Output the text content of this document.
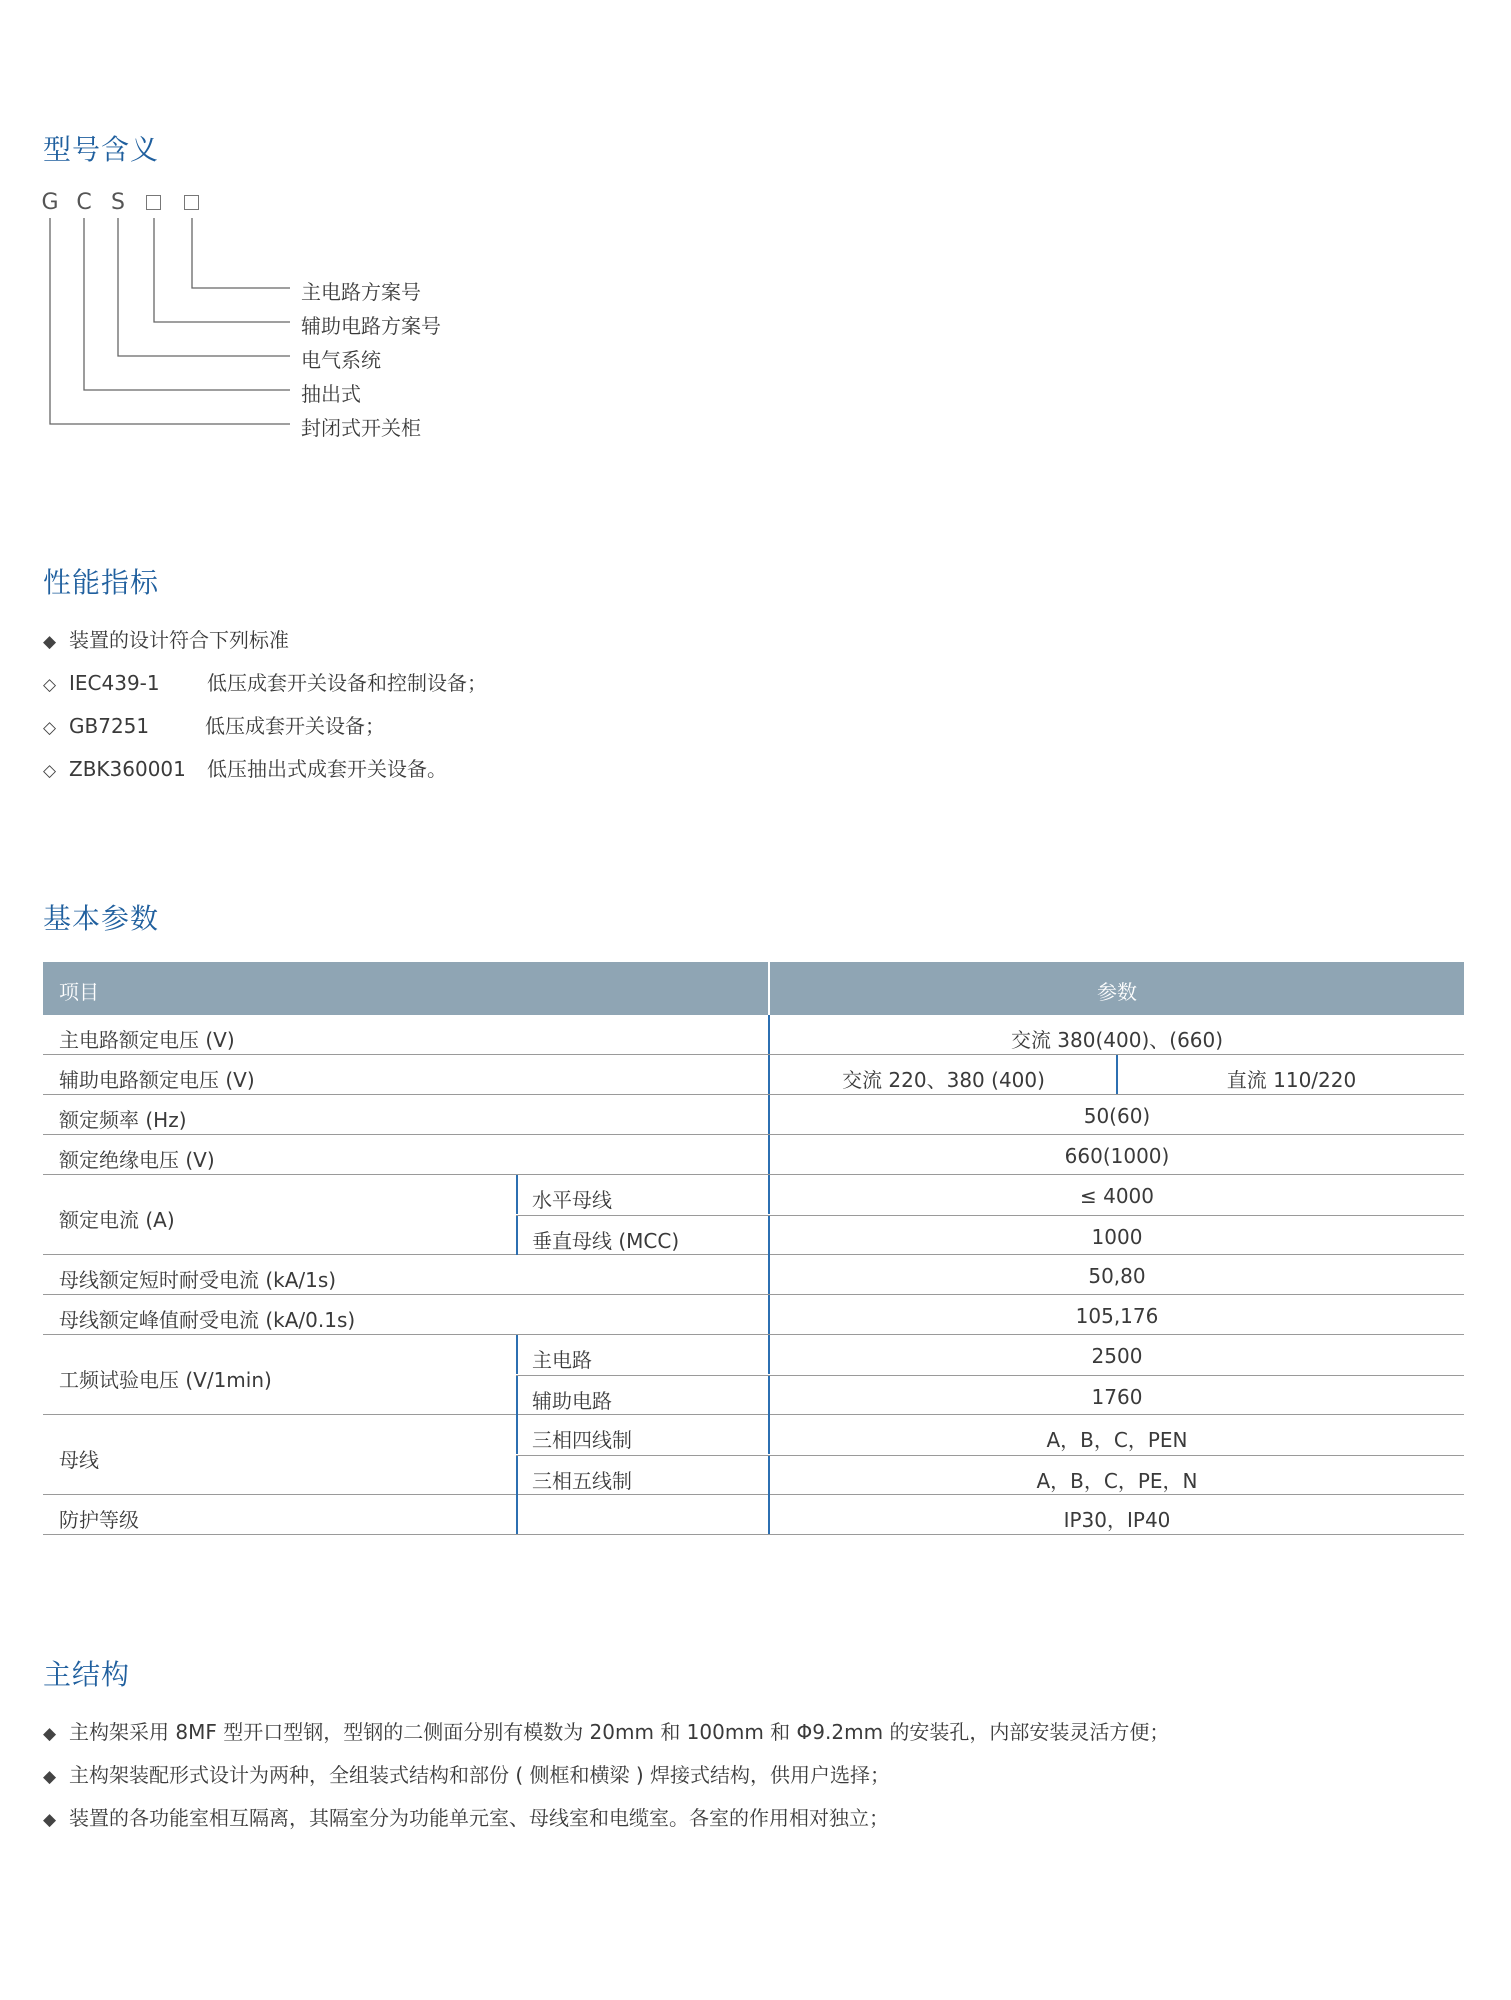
型号含义
G C S
主电路方案号
辅助电路方案号
电气系统
抽出式
封闭式开关柜
性能指标
◆ 装置的设计符合下列标准
◇ IEC439-1 低压成套开关设备和控制设备；
◇ GB7251	低压成套开关设备；
◇ ZBK360001 低压抽出式成套开关设备。
基本参数
项目	参数
主电路额定电压 (V)	交流 380(400)、(660)
辅助电路额定电压 (V)	交流 220、380 (400)	直流 110/220
额定频率 (Hz)	50(60)
额定绝缘电压 (V)	660(1000)
额定电流 (A)
水平母线	≤ 4000
垂直母线 (MCC)	1000
母线额定短时耐受电流 (kA/1s)	50,80
母线额定峰值耐受电流 (kA/0.1s)	105,176
工频试验电压 (V/1min)
主电路	2500
辅助电路	1760
母线
三相四线制	A，B，C，PEN
三相五线制	A，B，C，PE，N
防护等级	IP30，IP40
主结构
◆ 主构架采用 8MF 型开口型钢，型钢的二侧面分别有模数为 20mm 和 100mm 和 Φ9.2mm 的安装孔，内部安装灵活方便；
◆ 主构架装配形式设计为两种，全组装式结构和部份 ( 侧框和横梁 ) 焊接式结构，供用户选择；
◆ 装置的各功能室相互隔离，其隔室分为功能单元室、母线室和电缆室。各室的作用相对独立；
